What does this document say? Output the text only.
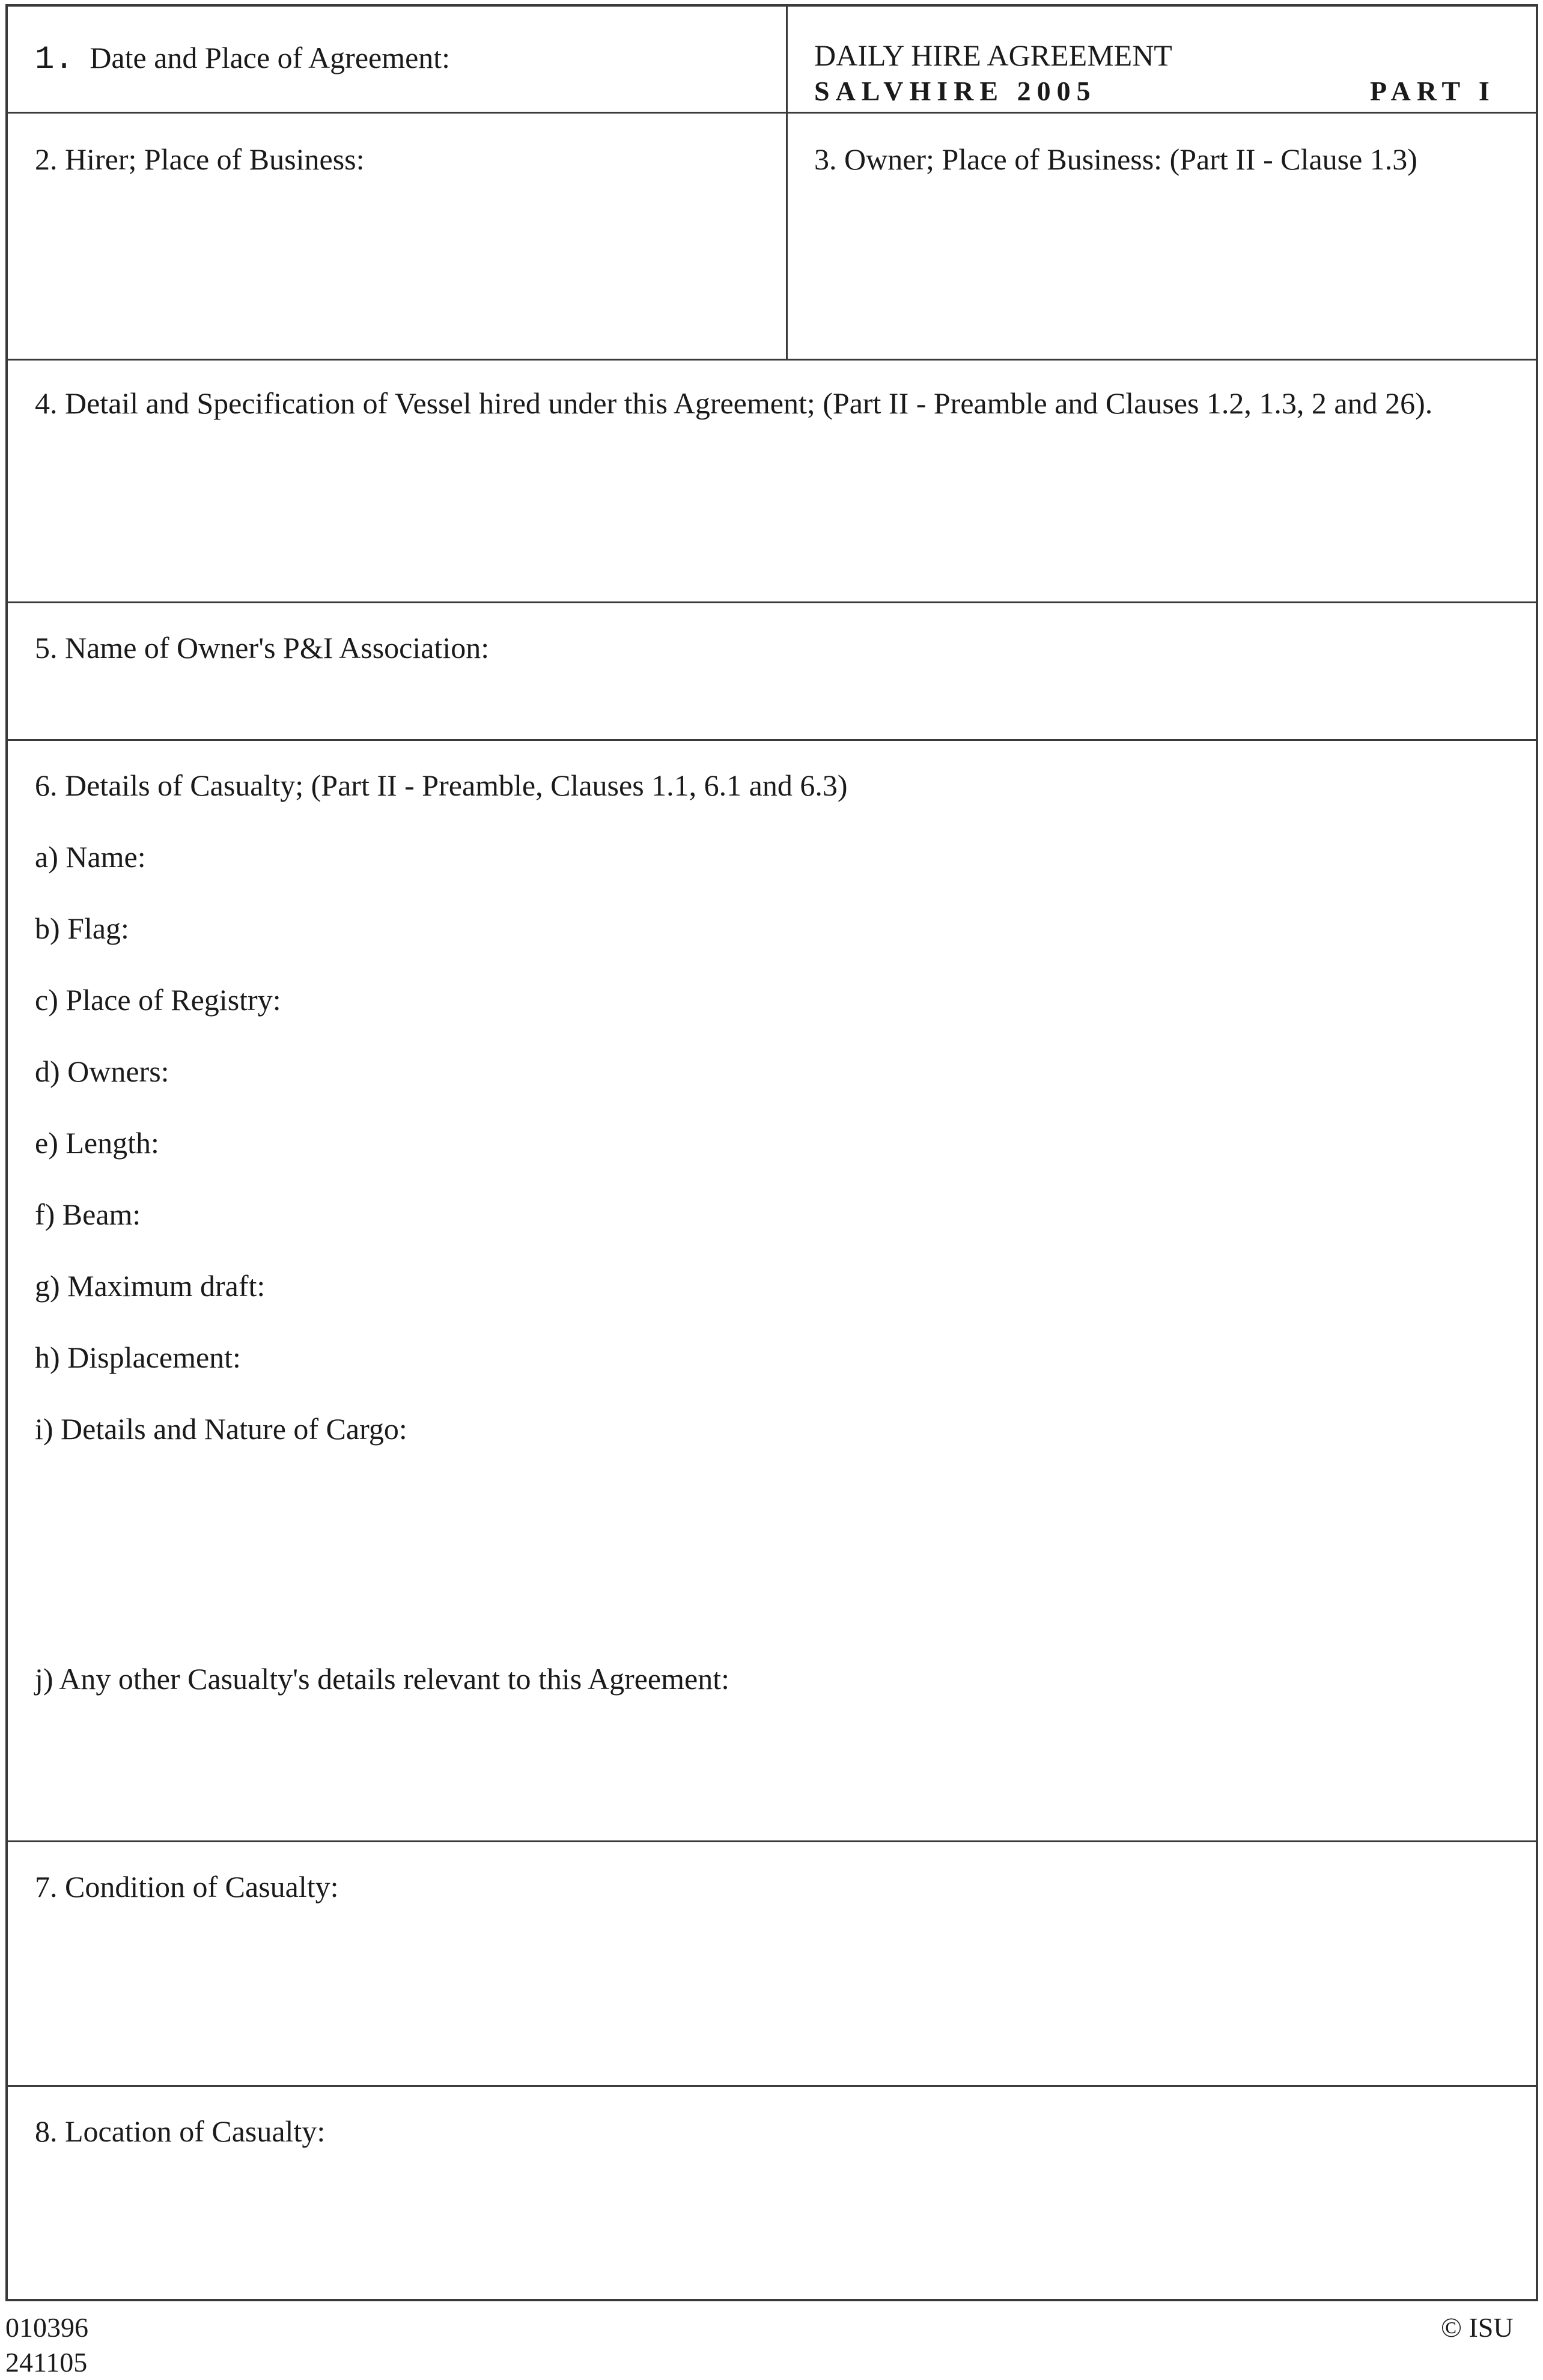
1. Date and Place of Agreement:	DAILY HIRE AGREEMENT
SALVHIRE 2005	PART I
2. Hirer; Place of Business:	3. Owner; Place of Business: (Part II - Clause 1.3)
4. Detail and Specification of Vessel hired under this Agreement; (Part II - Preamble and Clauses 1.2, 1.3, 2 and 26).
5. Name of Owner's P&I Association:
6. Details of Casualty; (Part II - Preamble, Clauses 1.1, 6.1 and 6.3)
a) Name:
b) Flag:
c) Place of Registry:
d) Owners:
e) Length:
f) Beam:
g) Maximum draft:
h) Displacement:
i) Details and Nature of Cargo:
j) Any other Casualty's details relevant to this Agreement:
7. Condition of Casualty:
8. Location of Casualty:
010396
241105
© ISU
